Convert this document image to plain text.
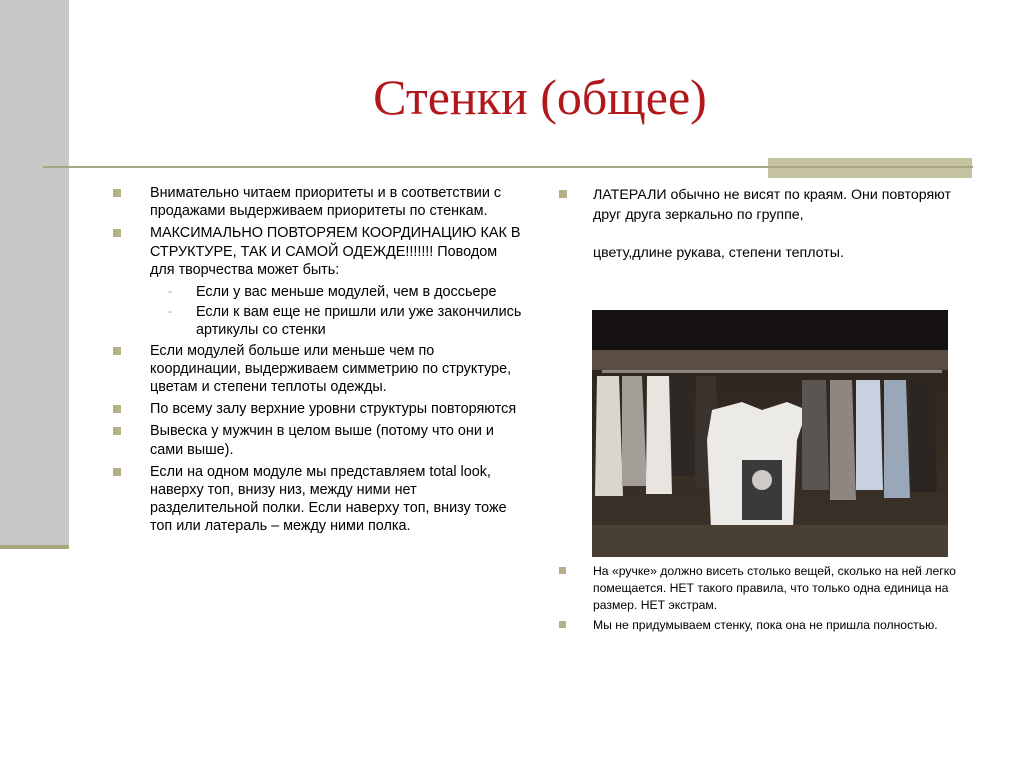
Стенки (общее)
Внимательно читаем приоритеты и в соответствии с продажами выдерживаем приоритеты по стенкам.
МАКСИМАЛЬНО ПОВТОРЯЕМ КООРДИНАЦИЮ КАК В СТРУКТУРЕ, ТАК И САМОЙ ОДЕЖДЕ!!!!!!! Поводом для творчества может быть:
- Если у вас меньше модулей, чем в доссьере
- Если к вам еще не пришли или уже закончились артикулы со стенки
Если модулей больше или меньше чем по координации, выдерживаем симметрию по структуре, цветам и степени теплоты одежды.
По всему залу верхние уровни структуры повторяются
Вывеска у мужчин в целом выше (потому что они и сами выше).
Если на одном модуле мы представляем total look, наверху топ, внизу низ, между ними нет разделительной полки. Если наверху топ, внизу тоже топ или латераль – между ними полка.
ЛАТЕРАЛИ обычно не висят по краям. Они повторяют друг друга зеркально по группе,
цвету,длине рукава, степени теплоты.
На «ручке» должно висеть столько вещей, сколько на ней легко помещается. НЕТ такого правила, что только одна единица на размер. НЕТ экстрам.
Мы не придумываем стенку, пока она не пришла полностью.
